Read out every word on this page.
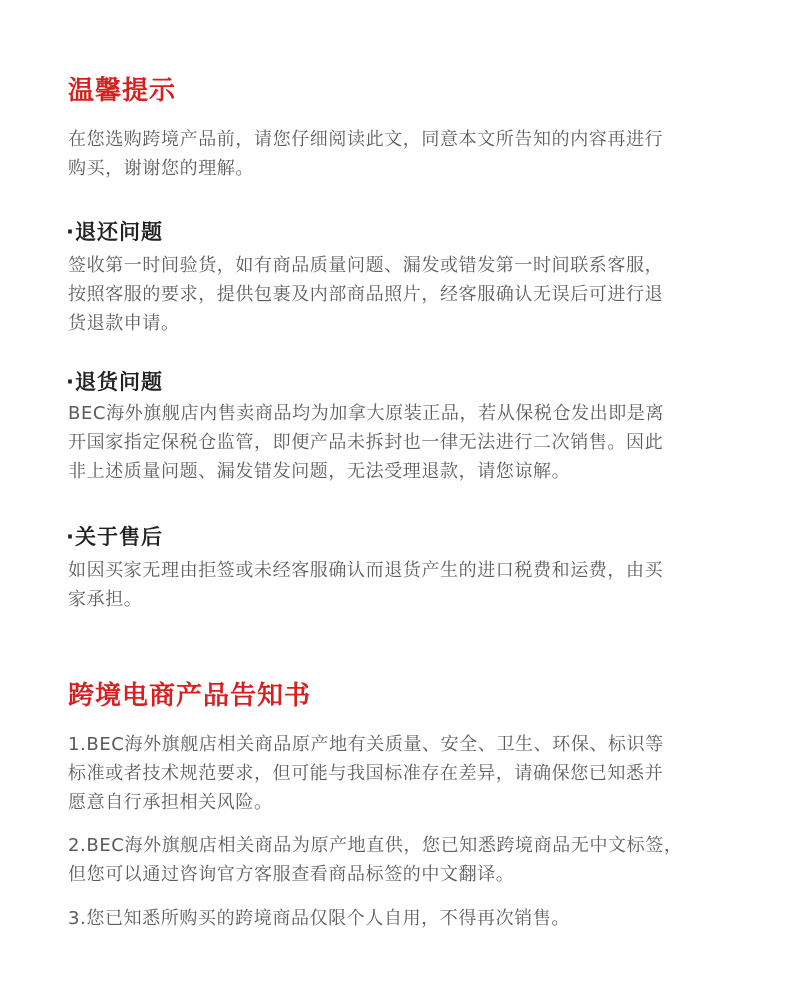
温馨提示
在您选购跨境产品前，请您仔细阅读此文，同意本文所告知的内容再进行
购买，谢谢您的理解。
·退还问题
签收第一时间验货，如有商品质量问题、漏发或错发第一时间联系客服，
按照客服的要求，提供包裹及内部商品照片，经客服确认无误后可进行退
货退款申请。
·退货问题
BEC海外旗舰店内售卖商品均为加拿大原装正品，若从保税仓发出即是离
开国家指定保税仓监管，即便产品未拆封也一律无法进行二次销售。因此
非上述质量问题、漏发错发问题，无法受理退款，请您谅解。
·关于售后
如因买家无理由拒签或未经客服确认而退货产生的进口税费和运费，由买
家承担。
跨境电商产品告知书
1.BEC海外旗舰店相关商品原产地有关质量、安全、卫生、环保、标识等
标准或者技术规范要求，但可能与我国标准存在差异，请确保您已知悉并
愿意自行承担相关风险。
2.BEC海外旗舰店相关商品为原产地直供，您已知悉跨境商品无中文标签，
但您可以通过咨询官方客服查看商品标签的中文翻译。
3.您已知悉所购买的跨境商品仅限个人自用，不得再次销售。
